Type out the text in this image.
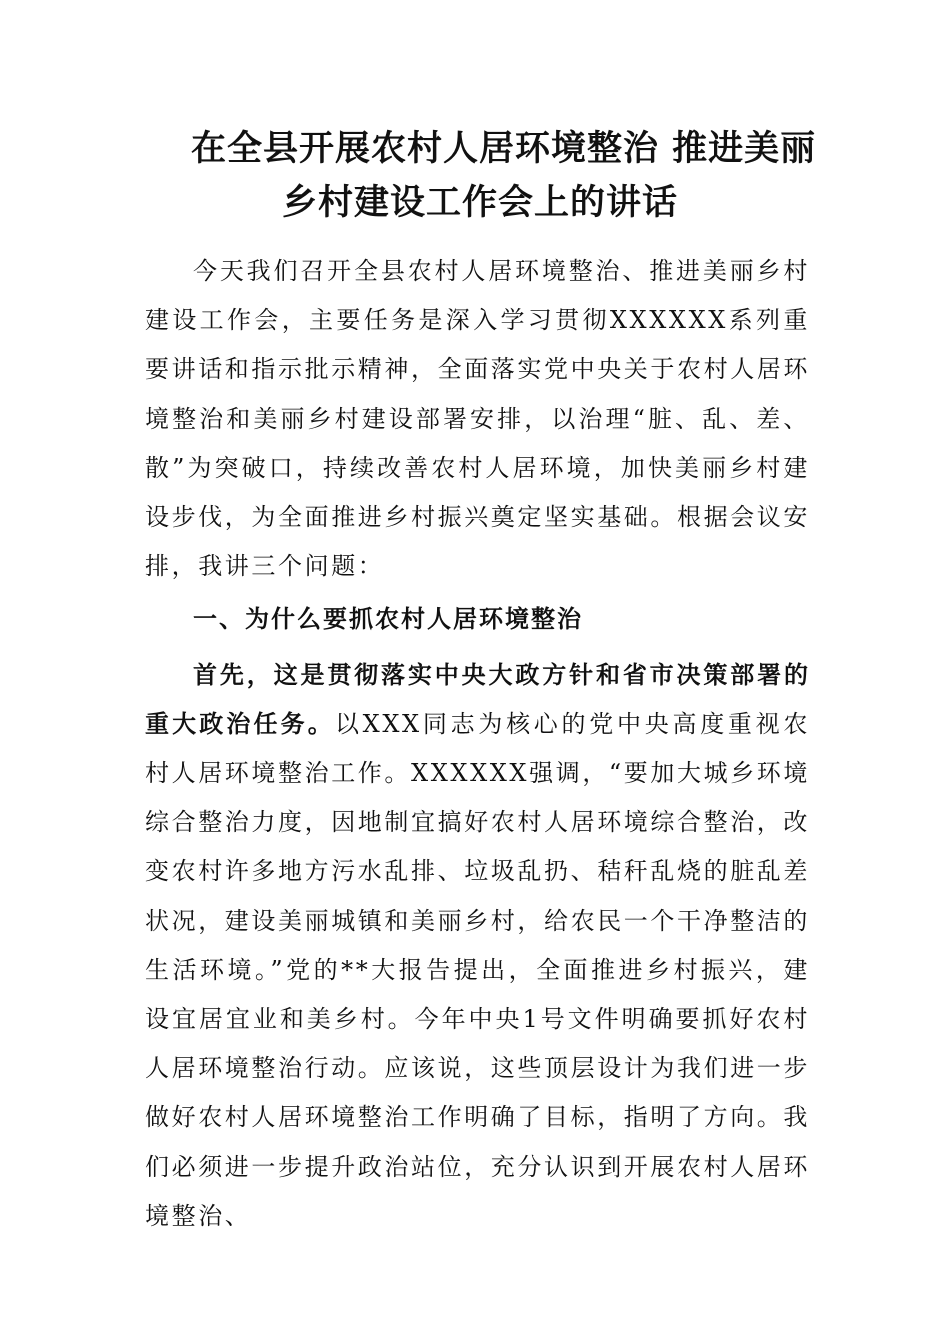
在全县开展农村人居环境整治 推进美丽
乡村建设工作会上的讲话

今天我们召开全县农村人居环境整治、推进美丽乡村建设工作会，主要任务是深入学习贯彻XXXXXX系列重要讲话和指示批示精神，全面落实党中央关于农村人居环境整治和美丽乡村建设部署安排，以治理“脏、乱、差、散”为突破口，持续改善农村人居环境，加快美丽乡村建设步伐，为全面推进乡村振兴奠定坚实基础。根据会议安排，我讲三个问题：

一、为什么要抓农村人居环境整治

首先，这是贯彻落实中央大政方针和省市决策部署的重大政治任务。以XXX同志为核心的党中央高度重视农村人居环境整治工作。XXXXXX强调，“要加大城乡环境综合整治力度，因地制宜搞好农村人居环境综合整治，改变农村许多地方污水乱排、垃圾乱扔、秸秆乱烧的脏乱差状况，建设美丽城镇和美丽乡村，给农民一个干净整洁的生活环境。”党的**大报告提出，全面推进乡村振兴，建设宜居宜业和美乡村。今年中央1号文件明确要抓好农村人居环境整治行动。应该说，这些顶层设计为我们进一步做好农村人居环境整治工作明确了目标，指明了方向。我们必须进一步提升政治站位，充分认识到开展农村人居环境整治、
